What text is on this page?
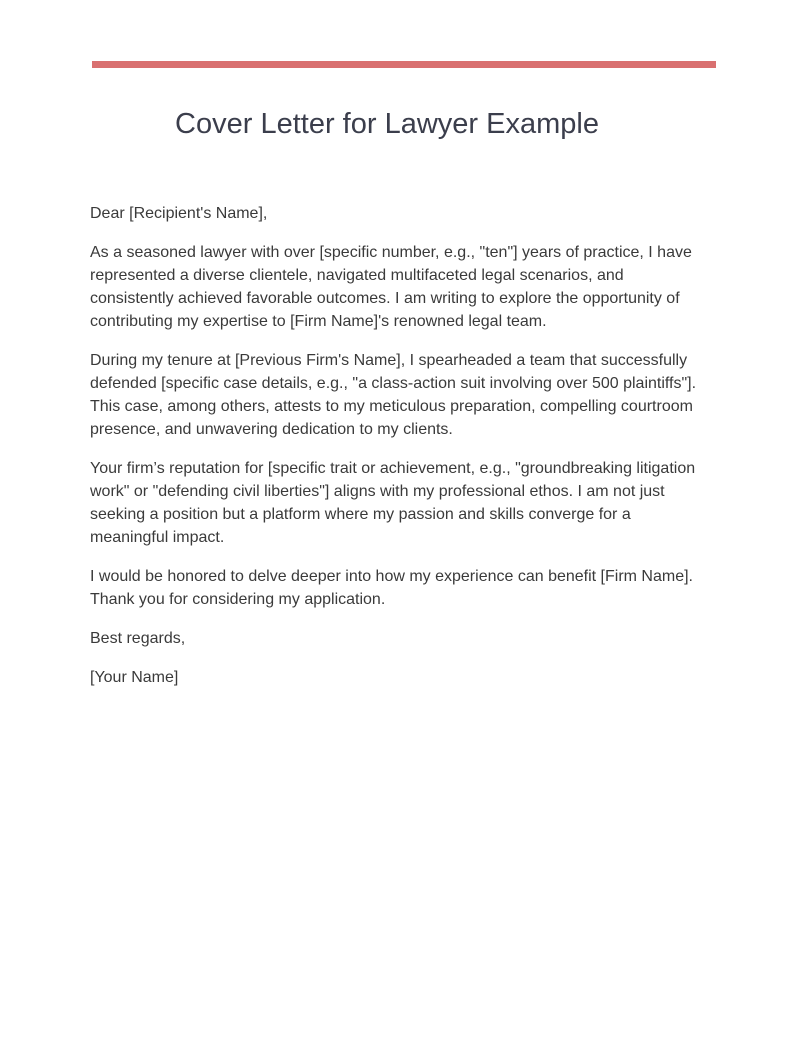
Cover Letter for Lawyer Example

Dear [Recipient's Name],

As a seasoned lawyer with over [specific number, e.g., "ten"] years of practice, I have represented a diverse clientele, navigated multifaceted legal scenarios, and consistently achieved favorable outcomes. I am writing to explore the opportunity of contributing my expertise to [Firm Name]'s renowned legal team.

During my tenure at [Previous Firm's Name], I spearheaded a team that successfully defended [specific case details, e.g., "a class-action suit involving over 500 plaintiffs"]. This case, among others, attests to my meticulous preparation, compelling courtroom presence, and unwavering dedication to my clients.

Your firm’s reputation for [specific trait or achievement, e.g., "groundbreaking litigation work" or "defending civil liberties"] aligns with my professional ethos. I am not just seeking a position but a platform where my passion and skills converge for a meaningful impact.

I would be honored to delve deeper into how my experience can benefit [Firm Name]. Thank you for considering my application.

Best regards,

[Your Name]
